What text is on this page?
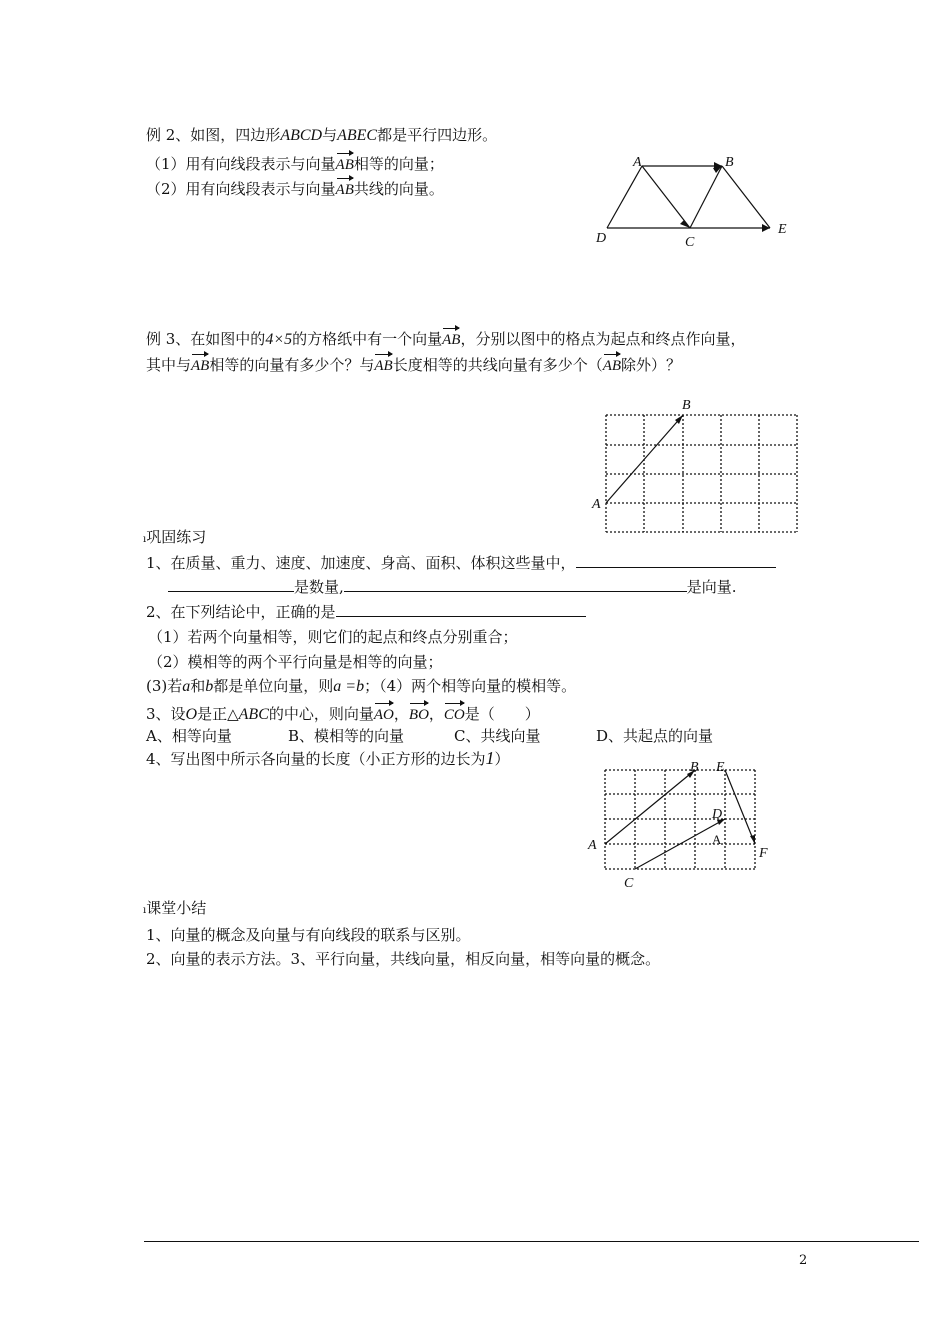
例 2、如图，四边形ABCD与ABEC都是平行四边形。
（1）用有向线段表示与向量AB相等的向量；
（2）用有向线段表示与向量AB共线的向量。
A	B
D	C
E
例 3、在如图中的4×5的方格纸中有一个向量AB，分别以图中的格点为起点和终点作向量，
其中与AB相等的向量有多少个？与AB长度相等的共线向量有多少个（AB除外）？
B
A
ı巩固练习
1、在质量、重力、速度、加速度、身高、面积、体积这些量中，
是数量,	是向量.
2、在下列结论中，正确的是
（1）若两个向量相等，则它们的起点和终点分别重合；
（2）模相等的两个平行向量是相等的向量；
(3)若a和b都是单位向量，则a =b；（4）两个相等向量的模相等。
3、设O是正△ABC的中心，则向量AO，BO，CO是（　　）
A、相等向量	B、模相等的向量	C、共线向量	D、共起点的向量
4、写出图中所示各向量的长度（小正方形的边长为1）	B E
D
A
A
F
C
ı课堂小结
1、向量的概念及向量与有向线段的联系与区别。
2、向量的表示方法。3、平行向量，共线向量，相反向量，相等向量的概念。
2
